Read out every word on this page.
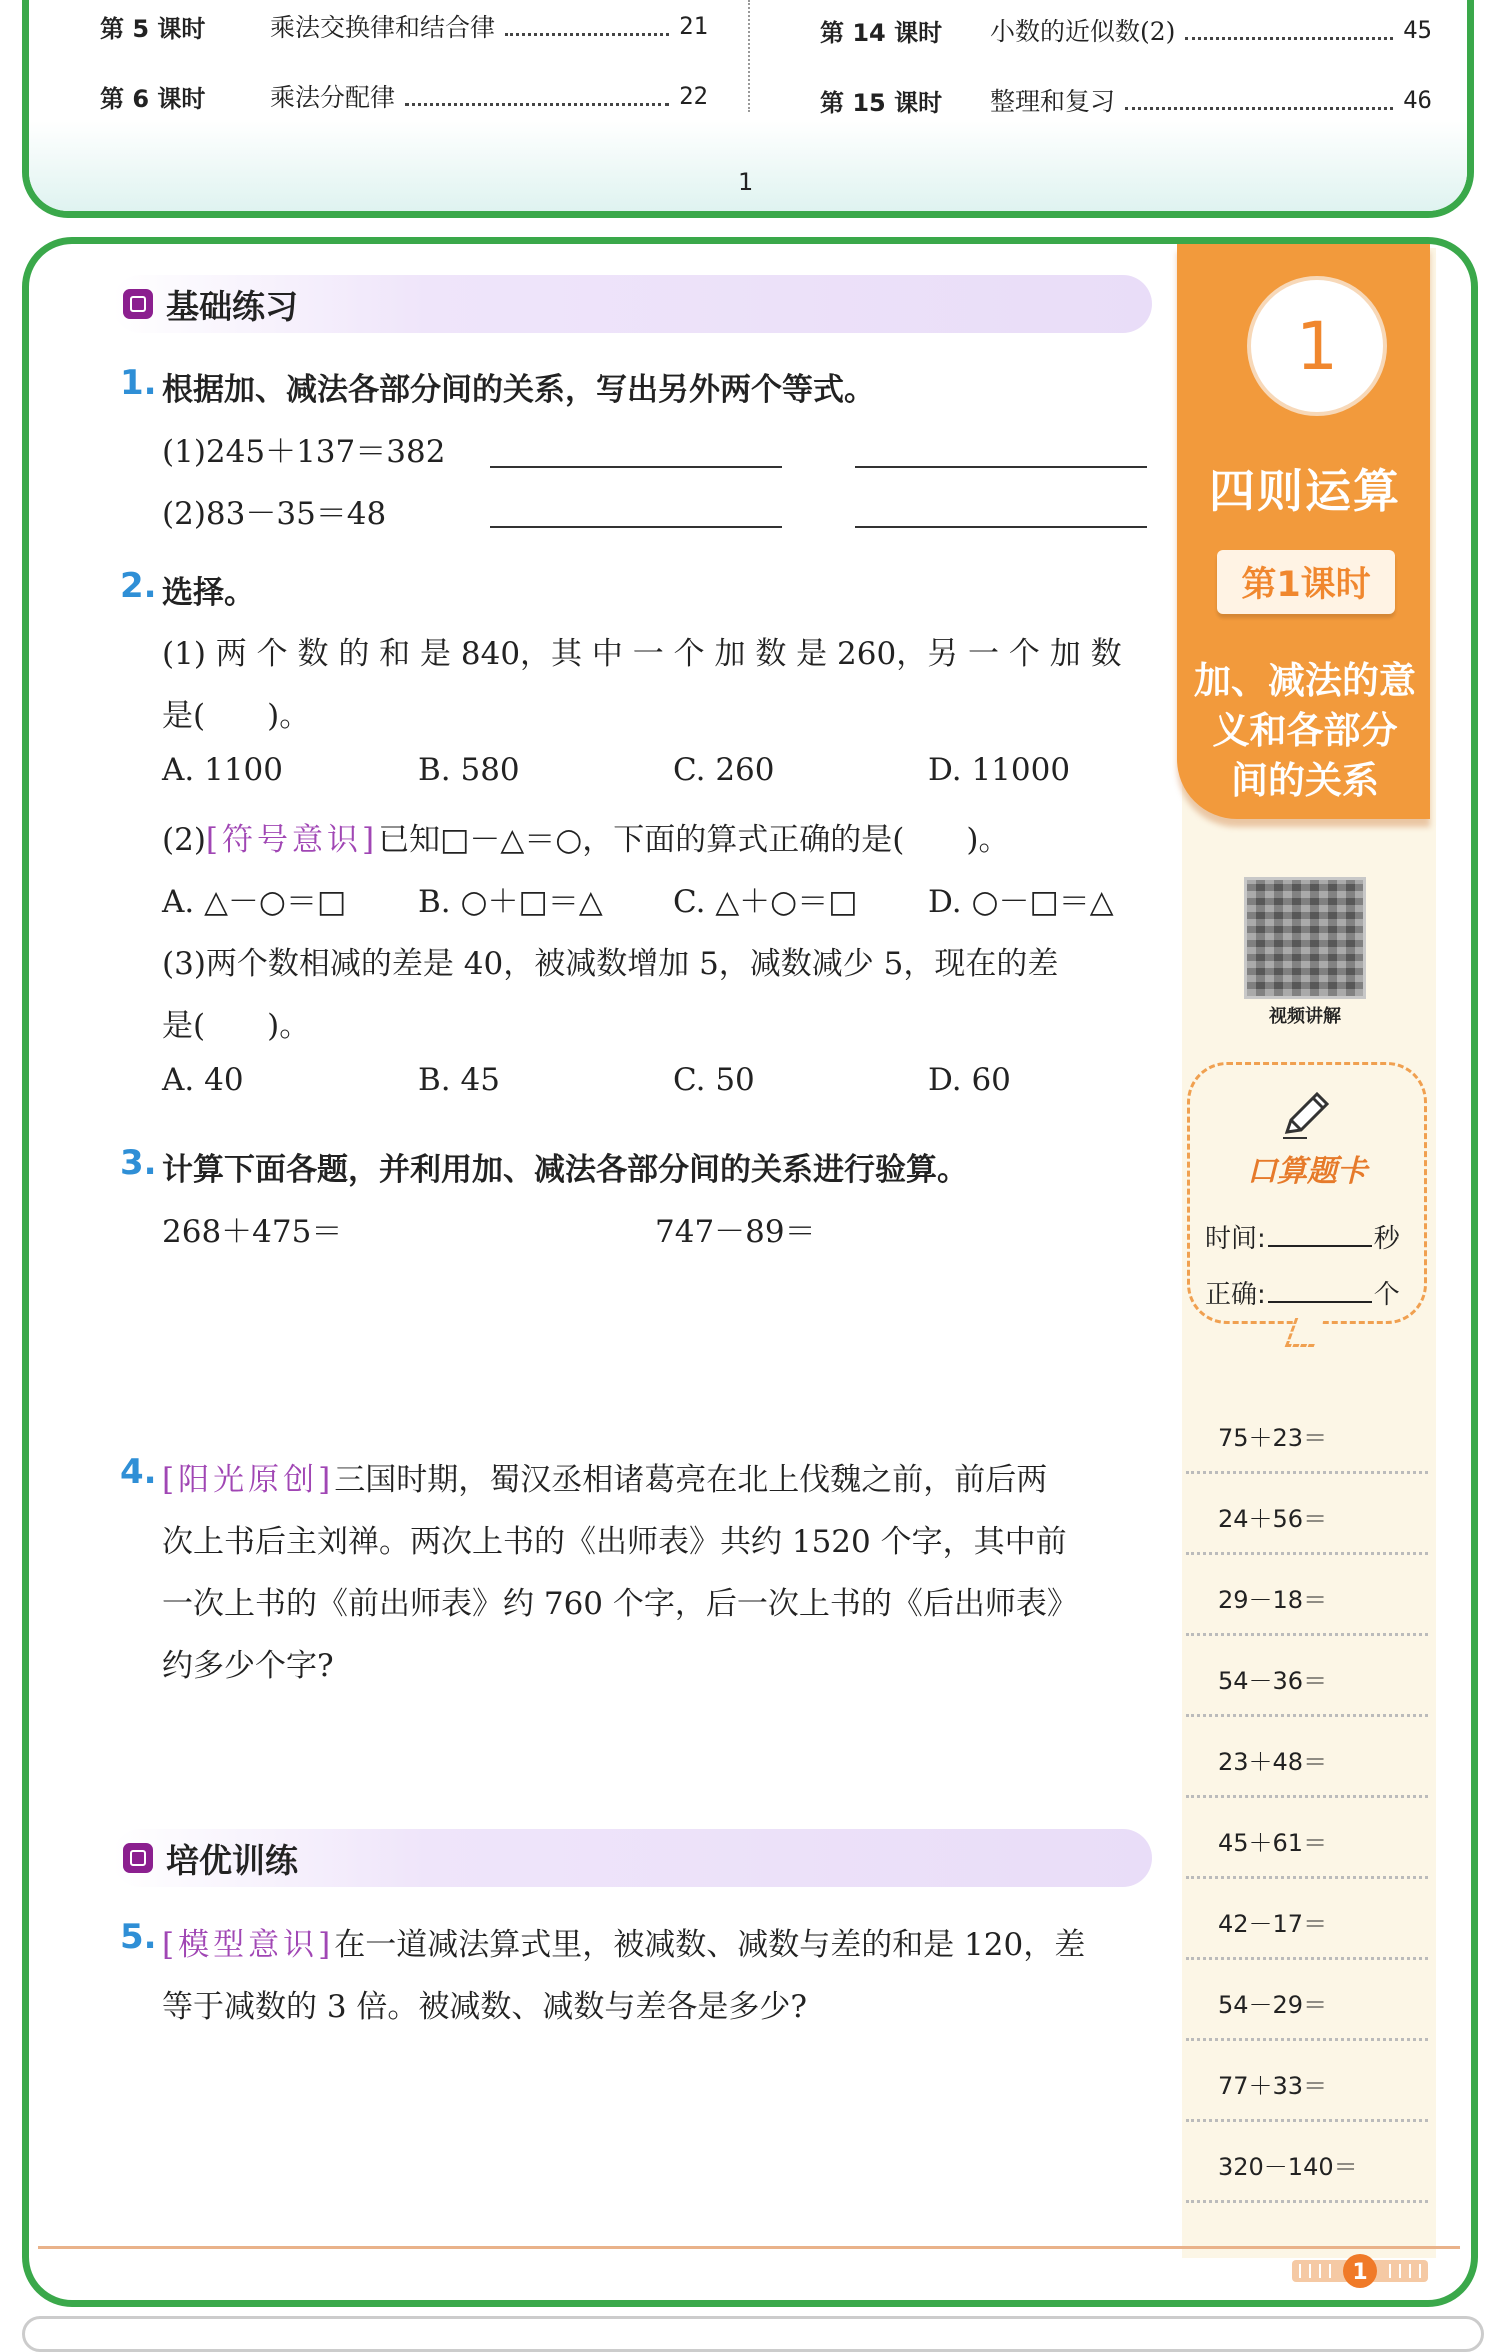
第 5 课时	乘法交换律和结合律	21
第 6 课时	乘法分配律	22
第 14 课时	小数的近似数(2)	45
第 15 课时	整理和复习	46
1
1
四则运算
第1课时
加、减法的意
义和各部分
间的关系
视频讲解
口算题卡
时间:	秒
正确:	个
75＋23＝
24＋56＝
29－18＝
54－36＝
23＋48＝
45＋61＝
42－17＝
54－29＝
77＋33＝
320－140＝
基础练习
1. 根据加、减法各部分间的关系，写出另外两个等式。
(1)245＋137＝382
(2)83－35＝48
2. 选择。
(1) 两 个 数 的 和 是 840，其 中 一 个 加 数 是 260，另 一 个 加 数
是(　　)。
A. 1100	B. 580	C. 260	D. 11000
(2)[符号意识]已知□－△＝○，下面的算式正确的是(　　)。
A. △－○＝□ B. ○＋□＝△ C. △＋○＝□ D. ○－□＝△
(3)两个数相减的差是 40，被减数增加 5，减数减少 5，现在的差
是(　　)。
A. 40	B. 45	C. 50	D. 60
3. 计算下面各题，并利用加、减法各部分间的关系进行验算。
268＋475＝	747－89＝
4. [阳光原创]三国时期，蜀汉丞相诸葛亮在北上伐魏之前，前后两
次上书后主刘禅。两次上书的《出师表》共约 1520 个字，其中前
一次上书的《前出师表》约 760 个字，后一次上书的《后出师表》
约多少个字?
培优训练
5. [模型意识]在一道减法算式里，被减数、减数与差的和是 120，差
等于减数的 3 倍。被减数、减数与差各是多少?
1
